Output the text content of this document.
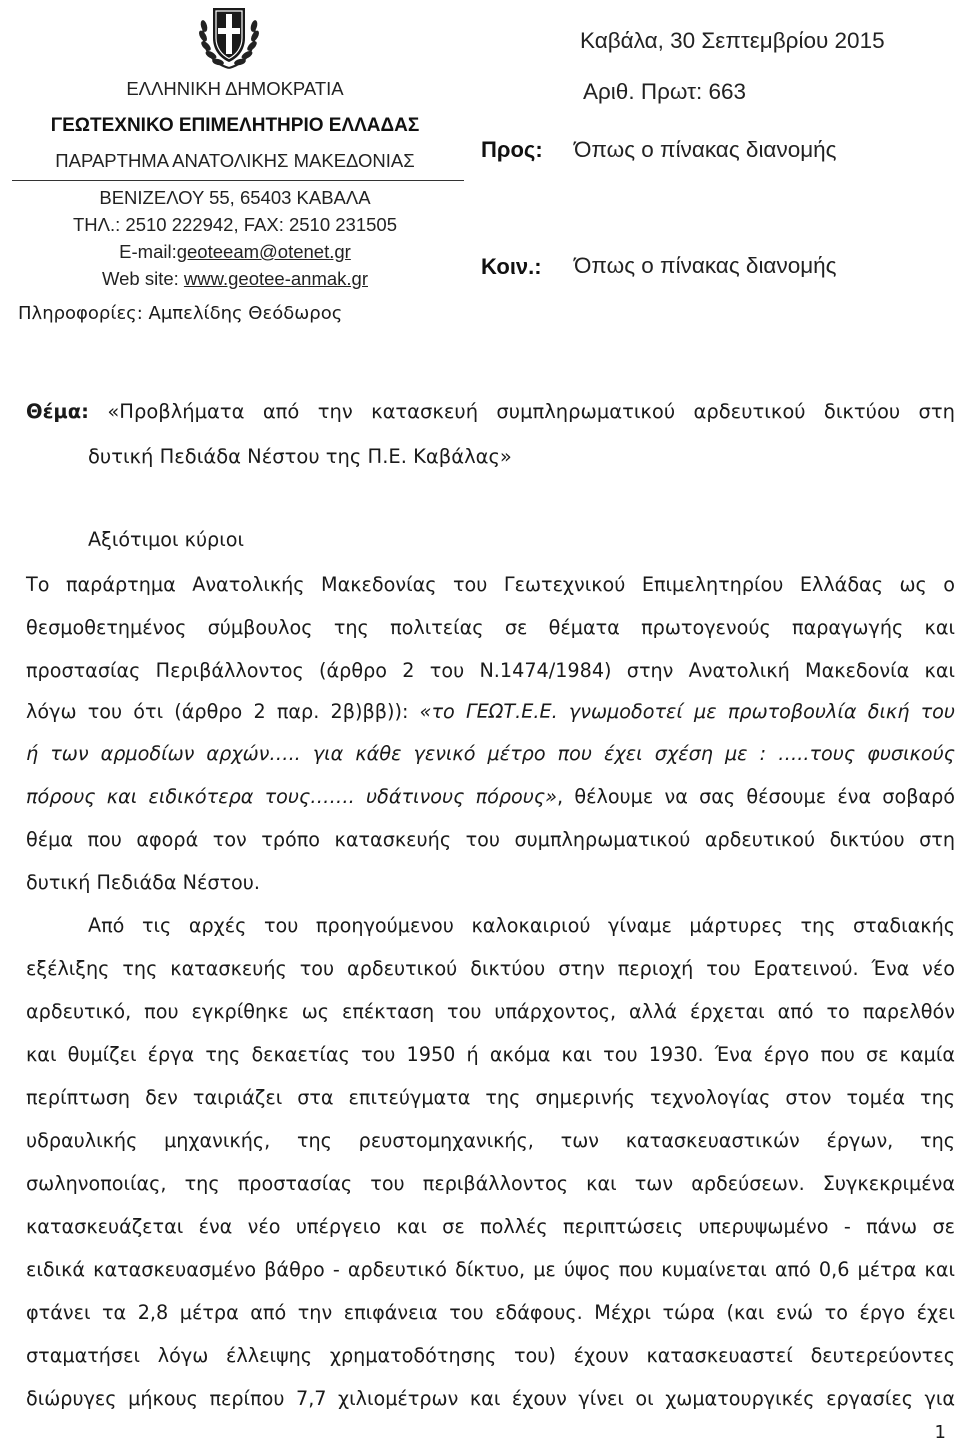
ΕΛΛΗΝΙΚΗ ΔΗΜΟΚΡΑΤΙΑ
ΓΕΩΤΕΧΝΙΚΟ ΕΠΙΜΕΛΗΤΗΡΙΟ ΕΛΛΑΔΑΣ
ΠΑΡΑΡΤΗΜΑ ΑΝΑΤΟΛΙΚΗΣ ΜΑΚΕΔΟΝΙΑΣ
ΒΕΝΙΖΕΛΟΥ 55, 65403 ΚΑΒΑΛΑ
ΤΗΛ.: 2510 222942, FAX: 2510 231505
E-mail:geoteeam@otenet.gr
Web site: www.geotee-anmak.gr
Πληροφορίες: Αμπελίδης Θεόδωρος
Καβάλα, 30 Σεπτεμβρίου 2015
Αριθ. Πρωτ: 663
Προς: Όπως ο πίνακας διανομής
Κοιν.: Όπως ο πίνακας διανομής
Θέμα: «Προβλήματα από την κατασκευή συμπληρωματικού αρδευτικού δικτύου στη
δυτική Πεδιάδα Νέστου της Π.Ε. Καβάλας»
Αξιότιμοι κύριοι
Το παράρτημα Ανατολικής Μακεδονίας του Γεωτεχνικού Επιμελητηρίου Ελλάδας ως ο
θεσμοθετημένος σύμβουλος της πολιτείας σε θέματα πρωτογενούς παραγωγής και
προστασίας Περιβάλλοντος (άρθρο 2 του Ν.1474/1984) στην Ανατολική Μακεδονία και
λόγω του ότι (άρθρο 2 παρ. 2β)ββ)): «το ΓΕΩΤ.Ε.Ε. γνωμοδοτεί με πρωτοβουλία δική του
ή των αρμοδίων αρχών….. για κάθε γενικό μέτρο που έχει σχέση με : …..τους φυσικούς
πόρους και ειδικότερα τους……. υδάτινους πόρους», θέλουμε να σας θέσουμε ένα σοβαρό
θέμα που αφορά τον τρόπο κατασκευής του συμπληρωματικού αρδευτικού δικτύου στη
δυτική Πεδιάδα Νέστου.
Από τις αρχές του προηγούμενου καλοκαιριού γίναμε μάρτυρες της σταδιακής
εξέλιξης της κατασκευής του αρδευτικού δικτύου στην περιοχή του Ερατεινού. Ένα νέο
αρδευτικό, που εγκρίθηκε ως επέκταση του υπάρχοντος, αλλά έρχεται από το παρελθόν
και θυμίζει έργα της δεκαετίας του 1950 ή ακόμα και του 1930. Ένα έργο που σε καμία
περίπτωση δεν ταιριάζει στα επιτεύγματα της σημερινής τεχνολογίας στον τομέα της
υδραυλικής μηχανικής, της ρευστομηχανικής, των κατασκευαστικών έργων, της
σωληνοποιίας, της προστασίας του περιβάλλοντος και των αρδεύσεων. Συγκεκριμένα
κατασκευάζεται ένα νέο υπέργειο και σε πολλές περιπτώσεις υπερυψωμένο - πάνω σε
ειδικά κατασκευασμένο βάθρο - αρδευτικό δίκτυο, με ύψος που κυμαίνεται από 0,6 μέτρα και
φτάνει τα 2,8 μέτρα από την επιφάνεια του εδάφους. Μέχρι τώρα (και ενώ το έργο έχει
σταματήσει λόγω έλλειψης χρηματοδότησης του) έχουν κατασκευαστεί δευτερεύοντες
διώρυγες μήκους περίπου 7,7 χιλιομέτρων και έχουν γίνει οι χωματουργικές εργασίες για
1
